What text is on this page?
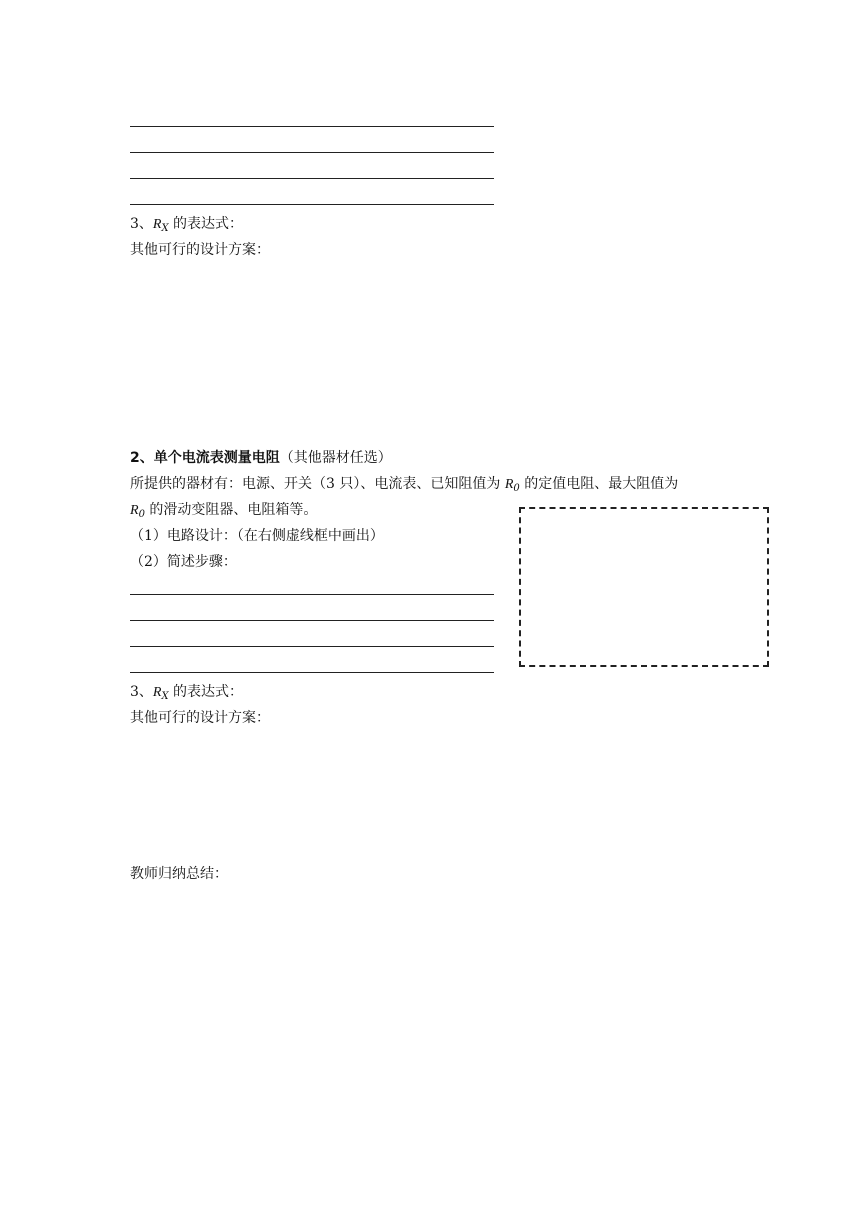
3、$R_X$ 的表达式：
其他可行的设计方案：
2、单个电流表测量电阻（其他器材任选）
所提供的器材有：电源、开关（3 只）、电流表、已知阻值为 $R_0$ 的定值电阻、最大阻值为
$R_0$ 的滑动变阻器、电阻箱等。
（1）电路设计：（在右侧虚线框中画出）
（2）简述步骤：
3、$R_X$ 的表达式：
其他可行的设计方案：
教师归纳总结：
